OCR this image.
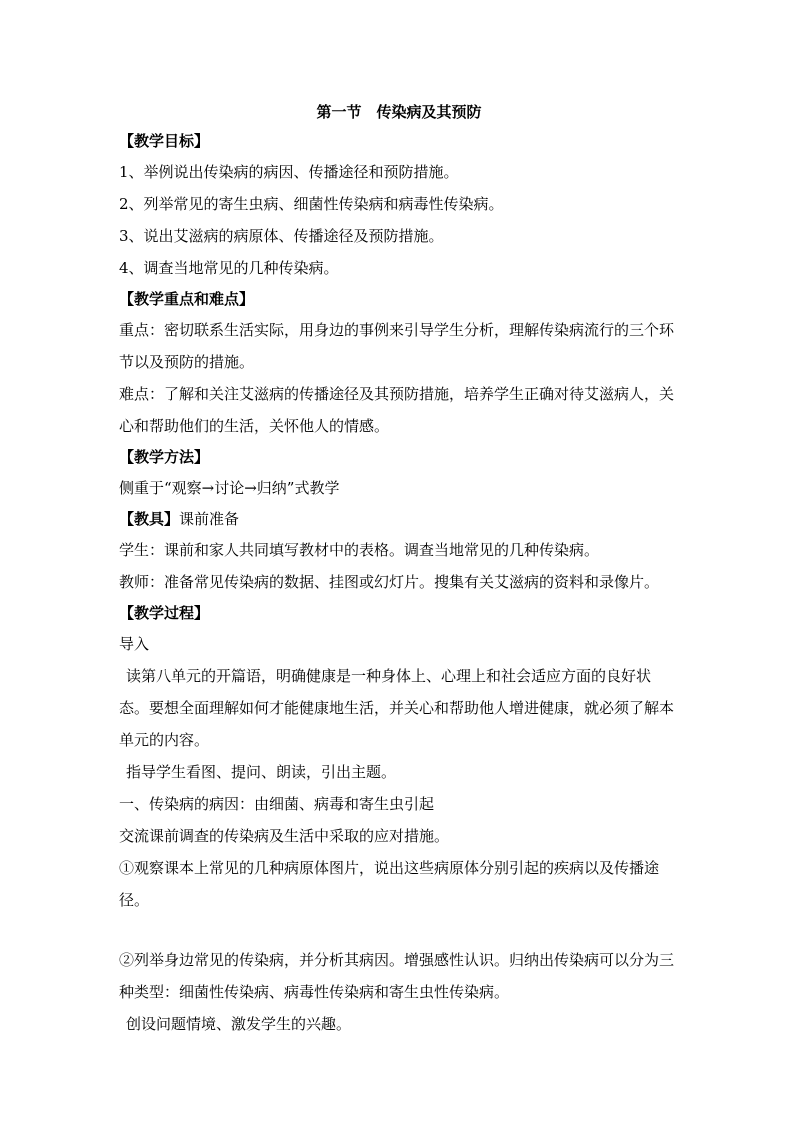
第一节　传染病及其预防
【教学目标】

1、举例说出传染病的病因、传播途径和预防措施。

2、列举常见的寄生虫病、细菌性传染病和病毒性传染病。

3、说出艾滋病的病原体、传播途径及预防措施。

4、调查当地常见的几种传染病。

【教学重点和难点】

重点：密切联系生活实际，用身边的事例来引导学生分析，理解传染病流行的三个环节以及预防的措施。

难点：了解和关注艾滋病的传播途径及其预防措施，培养学生正确对待艾滋病人，关心和帮助他们的生活，关怀他人的情感。

【教学方法】

侧重于“观察→讨论→归纳”式教学

【教具】课前准备

学生：课前和家人共同填写教材中的表格。调查当地常见的几种传染病。

教师：准备常见传染病的数据、挂图或幻灯片。搜集有关艾滋病的资料和录像片。

【教学过程】

导入

读第八单元的开篇语，明确健康是一种身体上、心理上和社会适应方面的良好状态。要想全面理解如何才能健康地生活，并关心和帮助他人增进健康，就必须了解本单元的内容。

指导学生看图、提问、朗读，引出主题。

一、传染病的病因：由细菌、病毒和寄生虫引起

交流课前调查的传染病及生活中采取的应对措施。

①观察课本上常见的几种病原体图片，说出这些病原体分别引起的疾病以及传播途径。

②列举身边常见的传染病，并分析其病因。增强感性认识。归纳出传染病可以分为三种类型：细菌性传染病、病毒性传染病和寄生虫性传染病。

创设问题情境、激发学生的兴趣。
